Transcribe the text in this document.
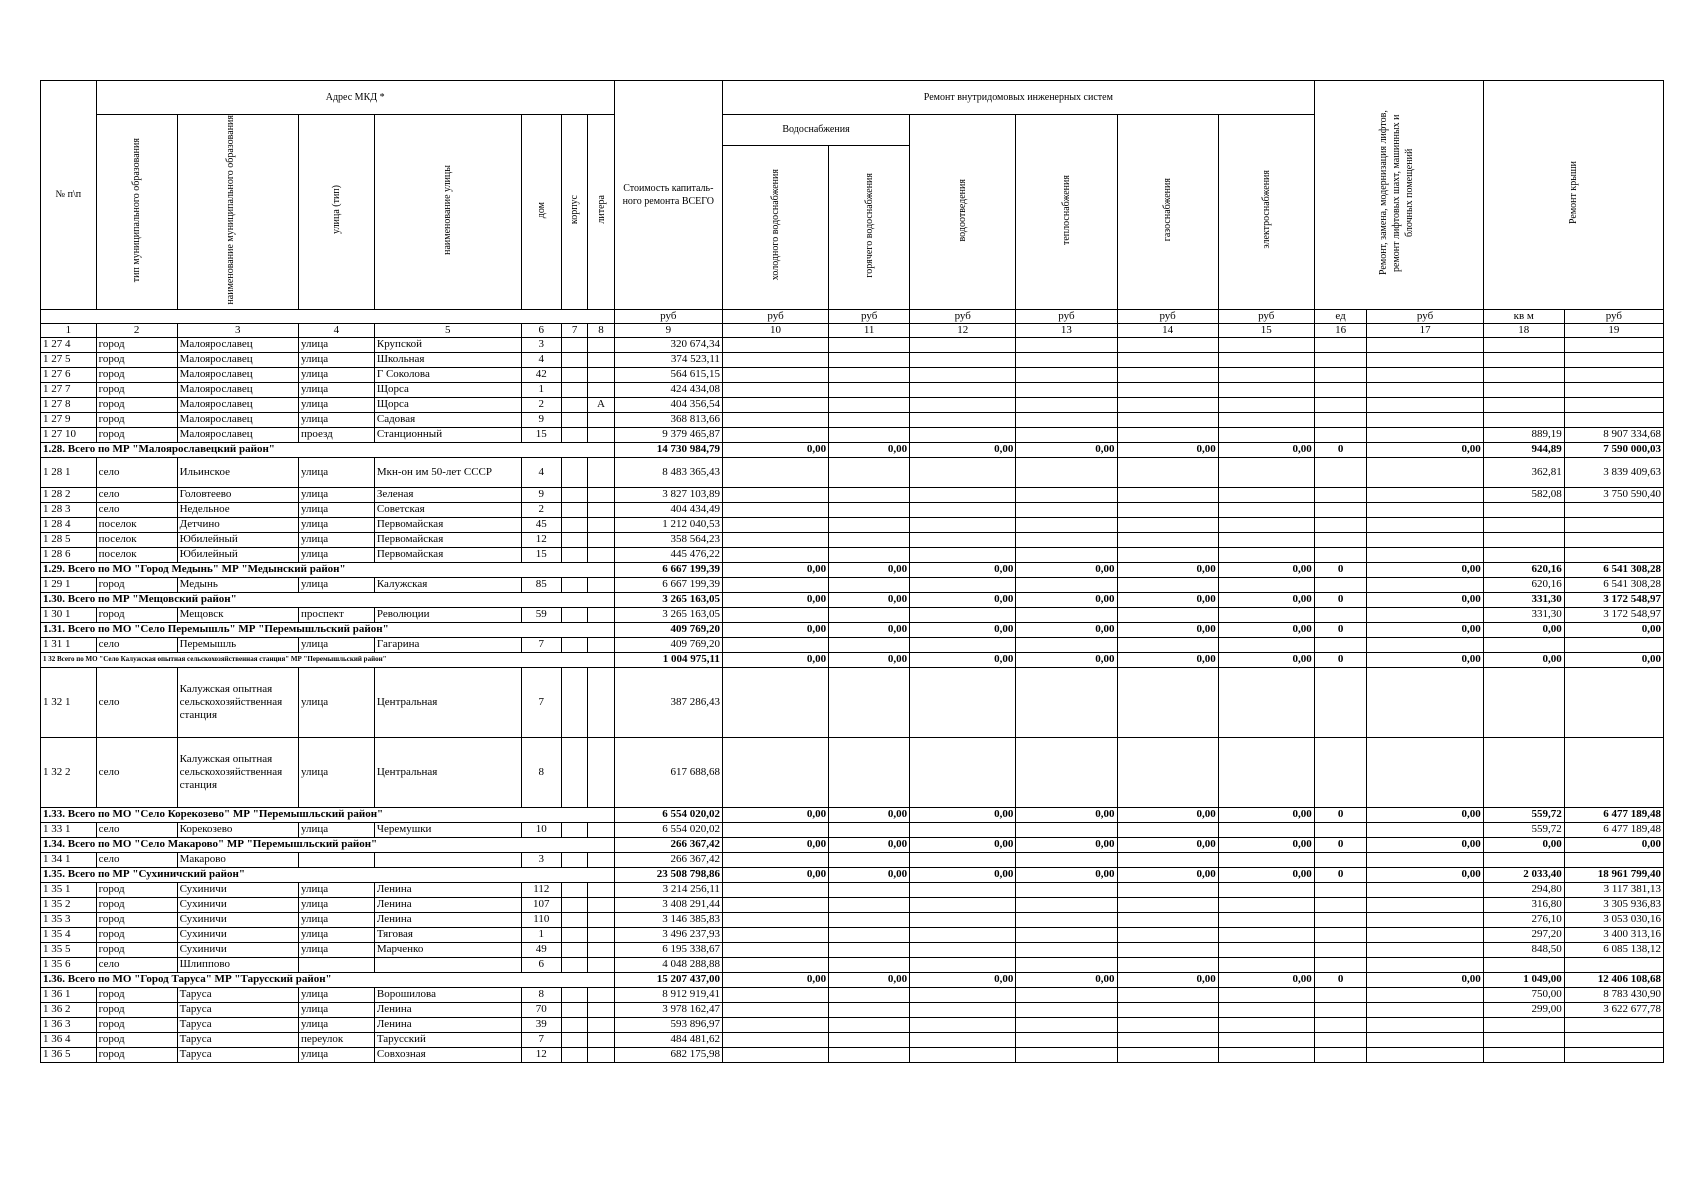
№ п\п	Адрес МКД *							Стоимость капиталь-ного ремонта ВСЕГО	Ремонт внутридомовых инженерных систем						Ремонт, замена, модернизация лифтов, ремонт лифтовых шахт, машинных и блочных помещений		Ремонт крыши	
	тип муниципального образования	наименование муниципального образования	улица (тип)	наименование улицы	дом	корпус	литера		Водоснабжения		водоотведения	теплоснабжения	газоснабжения	электроснабжения				
									холодного водоснабжения	горячего водоснабжения								
								руб	руб	руб	руб	руб	руб	руб	ед	руб	кв м	руб
1	2	3	4	5	6	7	8	9	10	11	12	13	14	15	16	17	18	19
1 27 4	город	Малоярославец	улица	Крупской	3			320 674,34										
1 27 5	город	Малоярославец	улица	Школьная	4			374 523,11										
1 27 6	город	Малоярославец	улица	Г Соколова	42			564 615,15										
1 27 7	город	Малоярославец	улица	Щорса	1			424 434,08										
1 27 8	город	Малоярославец	улица	Щорса	2		А	404 356,54										
1 27 9	город	Малоярославец	улица	Садовая	9			368 813,66										
1 27 10	город	Малоярославец	проезд	Станционный	15			9 379 465,87									889,19	8 907 334,68
1.28. Всего по МР "Малоярославецкий район"								14 730 984,79	0,00	0,00	0,00	0,00	0,00	0,00	0	0,00	944,89	7 590 000,03
1 28 1	село	Ильинское	улица	Мкн-он им 50-лет СССР	4			8 483 365,43									362,81	3 839 409,63
1 28 2	село	Головтеево	улица	Зеленая	9			3 827 103,89									582,08	3 750 590,40
1 28 3	село	Недельное	улица	Советская	2			404 434,49										
1 28 4	поселок	Детчино	улица	Первомайская	45			1 212 040,53										
1 28 5	поселок	Юбилейный	улица	Первомайская	12			358 564,23										
1 28 6	поселок	Юбилейный	улица	Первомайская	15			445 476,22										
1.29. Всего по МО "Город Медынь" МР "Медынский район"								6 667 199,39	0,00	0,00	0,00	0,00	0,00	0,00	0	0,00	620,16	6 541 308,28
1 29 1	город	Медынь	улица	Калужская	85			6 667 199,39									620,16	6 541 308,28
1.30. Всего по МР "Мещовский район"								3 265 163,05	0,00	0,00	0,00	0,00	0,00	0,00	0	0,00	331,30	3 172 548,97
1 30 1	город	Мещовск	проспект	Революции	59			3 265 163,05									331,30	3 172 548,97
1.31. Всего по МО "Село Перемышль" МР "Перемышльский район"								409 769,20	0,00	0,00	0,00	0,00	0,00	0,00	0	0,00	0,00	0,00
1 31 1	село	Перемышль	улица	Гагарина	7			409 769,20										
1 32 Всего по МО "Село Калужская опытная сельскохозяйственная станция" МР "Перемышльский район"								1 004 975,11	0,00	0,00	0,00	0,00	0,00	0,00	0	0,00	0,00	0,00
1 32 1	село	Калужская опытная сельскохозяйственная станция	улица	Центральная	7			387 286,43										
1 32 2	село	Калужская опытная сельскохозяйственная станция	улица	Центральная	8			617 688,68										
1.33. Всего по МО "Село Корекозево" МР "Перемышльский район"								6 554 020,02	0,00	0,00	0,00	0,00	0,00	0,00	0	0,00	559,72	6 477 189,48
1 33 1	село	Корекозево	улица	Черемушки	10			6 554 020,02									559,72	6 477 189,48
1.34. Всего по МО "Село Макарово" МР "Перемышльский район"								266 367,42	0,00	0,00	0,00	0,00	0,00	0,00	0	0,00	0,00	0,00
1 34 1	село	Макарово			3			266 367,42										
1.35. Всего по МР "Сухиничский район"								23 508 798,86	0,00	0,00	0,00	0,00	0,00	0,00	0	0,00	2 033,40	18 961 799,40
1 35 1	город	Сухиничи	улица	Ленина	112			3 214 256,11									294,80	3 117 381,13
1 35 2	город	Сухиничи	улица	Ленина	107			3 408 291,44									316,80	3 305 936,83
1 35 3	город	Сухиничи	улица	Ленина	110			3 146 385,83									276,10	3 053 030,16
1 35 4	город	Сухиничи	улица	Тяговая	1			3 496 237,93									297,20	3 400 313,16
1 35 5	город	Сухиничи	улица	Марченко	49			6 195 338,67									848,50	6 085 138,12
1 35 6	село	Шлиппово			6			4 048 288,88										
1.36. Всего по МО "Город Таруса" МР "Тарусский район"								15 207 437,00	0,00	0,00	0,00	0,00	0,00	0,00	0	0,00	1 049,00	12 406 108,68
1 36 1	город	Таруса	улица	Ворошилова	8			8 912 919,41									750,00	8 783 430,90
1 36 2	город	Таруса	улица	Ленина	70			3 978 162,47									299,00	3 622 677,78
1 36 3	город	Таруса	улица	Ленина	39			593 896,97										
1 36 4	город	Таруса	переулок	Тарусский	7			484 481,62										
1 36 5	город	Таруса	улица	Совхозная	12			682 175,98										
